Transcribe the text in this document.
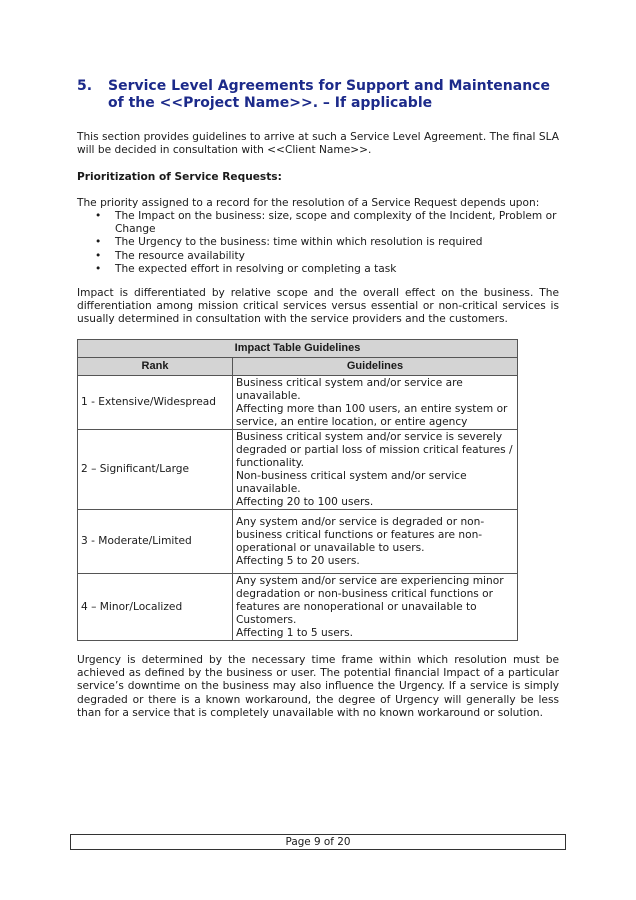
5. Service Level Agreements for Support and Maintenance of the <<Project Name>>. – If applicable

This section provides guidelines to arrive at such a Service Level Agreement. The final SLA will be decided in consultation with <<Client Name>>.

Prioritization of Service Requests:

The priority assigned to a record for the resolution of a Service Request depends upon:

• The Impact on the business: size, scope and complexity of the Incident, Problem or Change
• The Urgency to the business: time within which resolution is required
• The resource availability
• The expected effort in resolving or completing a task

Impact is differentiated by relative scope and the overall effect on the business. The differentiation among mission critical services versus essential or non-critical services is usually determined in consultation with the service providers and the customers.

Impact Table Guidelines	
Rank	Guidelines
1 - Extensive/Widespread	Business critical system and/or service are unavailable.
Affecting more than 100 users, an entire system or service, an entire location, or entire agency

2 – Significant/Large	Business critical system and/or service is severely degraded or partial loss of mission critical features / functionality.
Non-business critical system and/or service unavailable.
Affecting 20 to 100 users.

3 - Moderate/Limited	Any system and/or service is degraded or non-business critical functions or features are non-operational or unavailable to users.
Affecting 5 to 20 users.

4 – Minor/Localized	Any system and/or service are experiencing minor degradation or non-business critical functions or features are nonoperational or unavailable to Customers.
Affecting 1 to 5 users.

Urgency is determined by the necessary time frame within which resolution must be achieved as defined by the business or user. The potential financial Impact of a particular service’s downtime on the business may also influence the Urgency. If a service is simply degraded or there is a known workaround, the degree of Urgency will generally be less than for a service that is completely unavailable with no known workaround or solution.

Page 9 of 20
